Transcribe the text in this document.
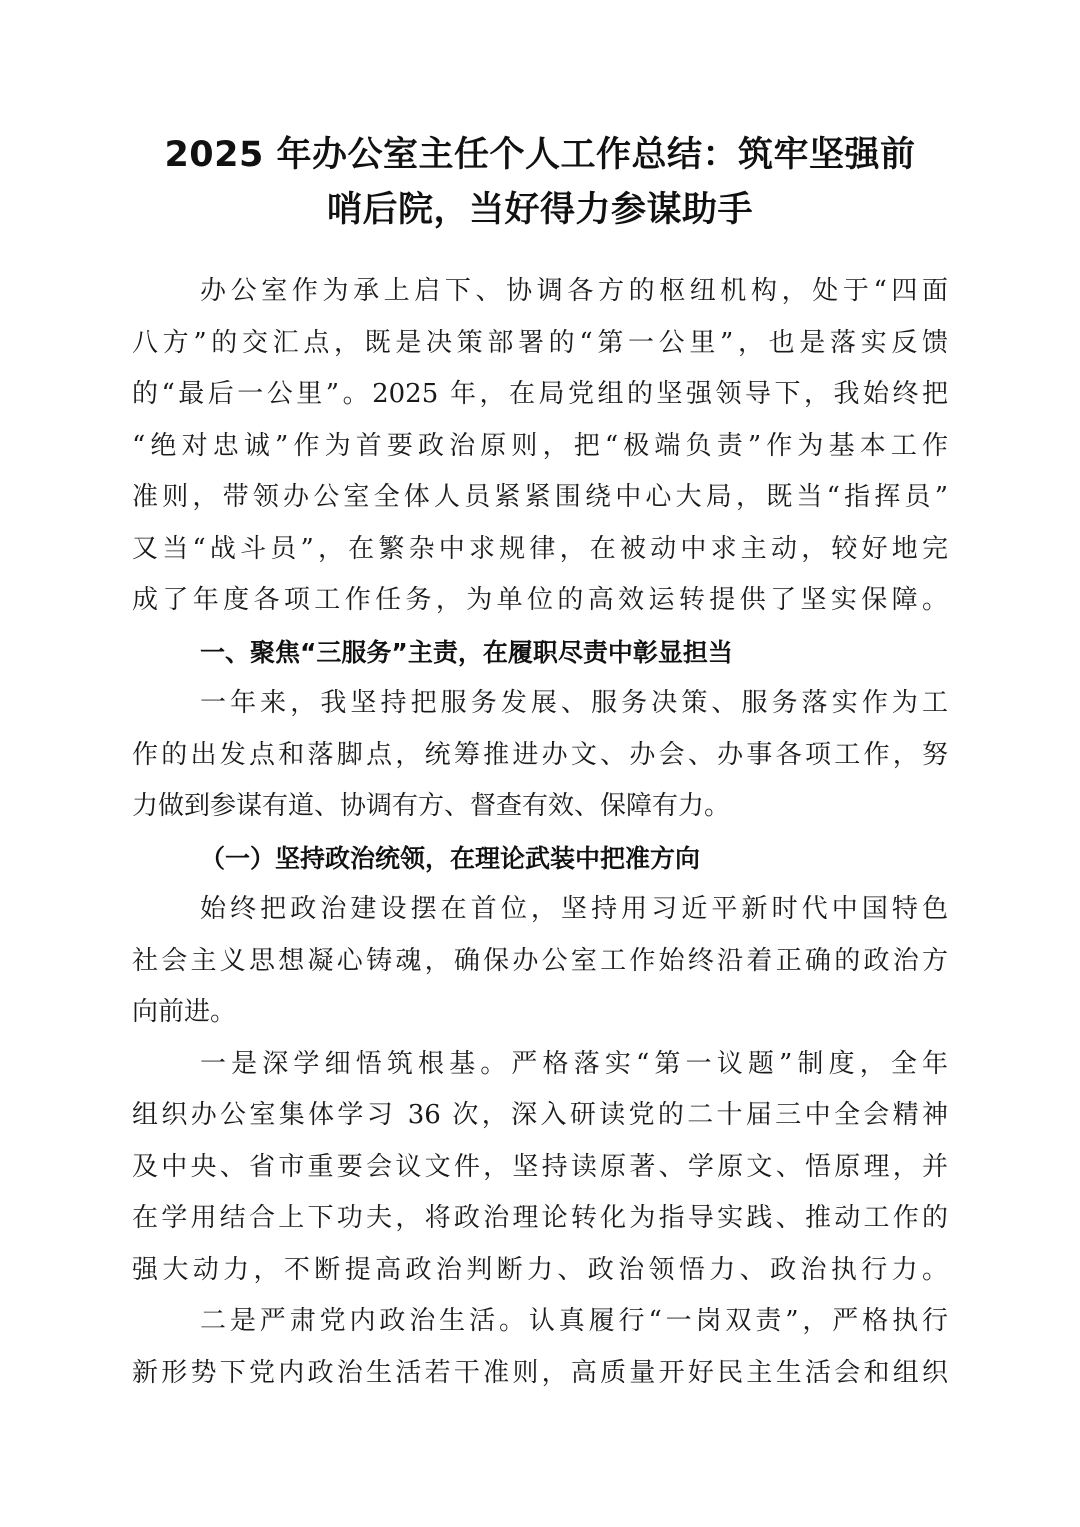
2025 年办公室主任个人工作总结：筑牢坚强前
哨后院，当好得力参谋助手

办公室作为承上启下、协调各方的枢纽机构，处于“四面
八方”的交汇点，既是决策部署的“第一公里”，也是落实反馈
的“最后一公里”。2025 年，在局党组的坚强领导下，我始终把
“绝对忠诚”作为首要政治原则，把“极端负责”作为基本工作
准则，带领办公室全体人员紧紧围绕中心大局，既当“指挥员”
又当“战斗员”，在繁杂中求规律，在被动中求主动，较好地完
成了年度各项工作任务，为单位的高效运转提供了坚实保障。

一、聚焦“三服务”主责，在履职尽责中彰显担当

一年来，我坚持把服务发展、服务决策、服务落实作为工
作的出发点和落脚点，统筹推进办文、办会、办事各项工作，努
力做到参谋有道、协调有方、督查有效、保障有力。

（一）坚持政治统领，在理论武装中把准方向

始终把政治建设摆在首位，坚持用习近平新时代中国特色
社会主义思想凝心铸魂，确保办公室工作始终沿着正确的政治方
向前进。

一是深学细悟筑根基。严格落实“第一议题”制度，全年
组织办公室集体学习 36 次，深入研读党的二十届三中全会精神
及中央、省市重要会议文件，坚持读原著、学原文、悟原理，并
在学用结合上下功夫，将政治理论转化为指导实践、推动工作的
强大动力，不断提高政治判断力、政治领悟力、政治执行力。

二是严肃党内政治生活。认真履行“一岗双责”，严格执行
新形势下党内政治生活若干准则，高质量开好民主生活会和组织
